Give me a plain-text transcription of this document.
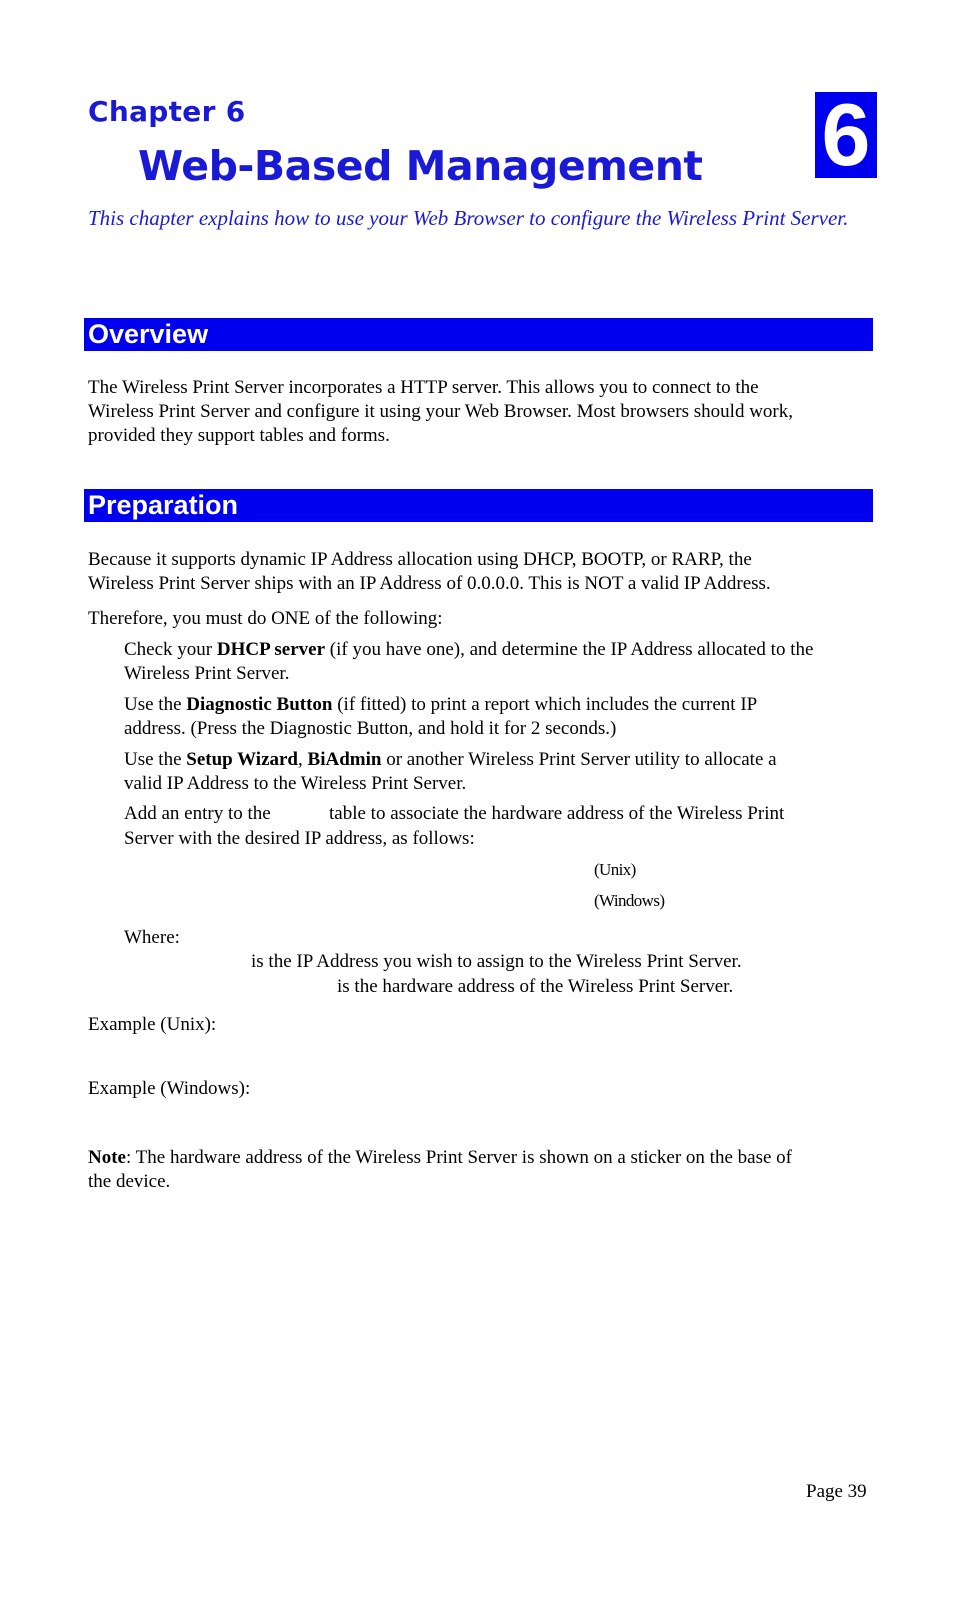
Chapter 6
Web-Based Management 6
This chapter explains how to use your Web Browser to configure the Wireless Print Server.
Overview
The Wireless Print Server incorporates a HTTP server. This allows you to connect to the
Wireless Print Server and configure it using your Web Browser. Most browsers should work,
provided they support tables and forms.
Preparation
Because it supports dynamic IP Address allocation using DHCP, BOOTP, or RARP, the
Wireless Print Server ships with an IP Address of 0.0.0.0. This is NOT a valid IP Address.
Therefore, you must do ONE of the following:
Check your DHCP server (if you have one), and determine the IP Address allocated to the
Wireless Print Server.
Use the Diagnostic Button (if fitted) to print a report which includes the current IP
address. (Press the Diagnostic Button, and hold it for 2 seconds.)
Use the Setup Wizard, BiAdmin or another Wireless Print Server utility to allocate a
valid IP Address to the Wireless Print Server.
Add an entry to the	table to associate the hardware address of the Wireless Print
Server with the desired IP address, as follows:
(Unix)
(Windows)
Where:
is the IP Address you wish to assign to the Wireless Print Server.
is the hardware address of the Wireless Print Server.
Example (Unix):
Example (Windows):
Note: The hardware address of the Wireless Print Server is shown on a sticker on the base of
the device.
Page 39
